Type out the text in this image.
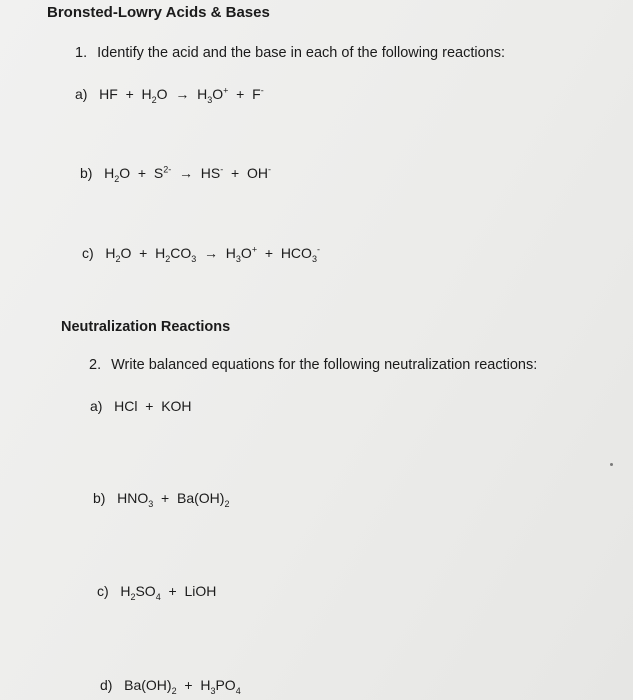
Bronsted-Lowry Acids & Bases
1. Identify the acid and the base in each of the following reactions:
a)   HF  +  $H_2O \to H_3O^+ + F^-$
b)   $H_2O + S^{2-} \to HS^- + OH^-$
c)   $H_2O + H_2CO_3 \to H_3O^+ + HCO_3^-$
Neutralization Reactions
2. Write balanced equations for the following neutralization reactions:
a)   HCl  +  KOH
b)   $HNO_3 + Ba(OH)_2$
c)   $H_2SO_4$  +  LiOH
d)   $Ba(OH)_2 + H_3PO_4$
